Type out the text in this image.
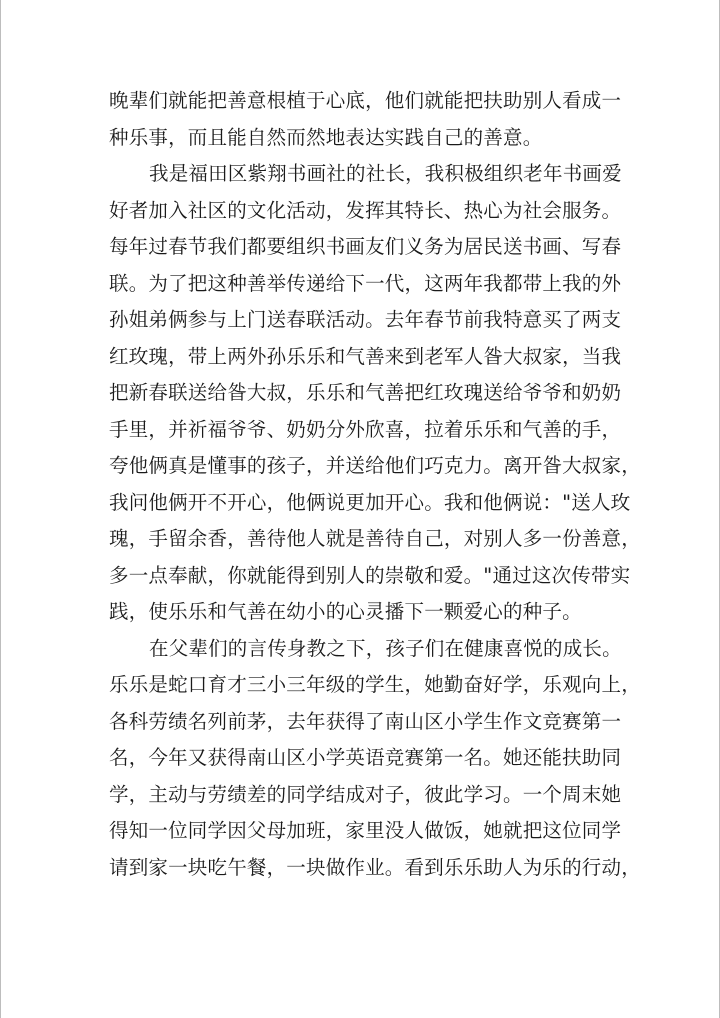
晚辈们就能把善意根植于心底，他们就能把扶助别人看成一
种乐事，而且能自然而然地表达实践自己的善意。
我是福田区紫翔书画社的社长，我积极组织老年书画爱
好者加入社区的文化活动，发挥其特长、热心为社会服务。
每年过春节我们都要组织书画友们义务为居民送书画、写春
联。为了把这种善举传递给下一代，这两年我都带上我的外
孙姐弟俩参与上门送春联活动。去年春节前我特意买了两支
红玫瑰，带上两外孙乐乐和气善来到老军人昝大叔家，当我
把新春联送给昝大叔，乐乐和气善把红玫瑰送给爷爷和奶奶
手里，并祈福爷爷、奶奶分外欣喜，拉着乐乐和气善的手，
夸他俩真是懂事的孩子，并送给他们巧克力。离开昝大叔家，
我问他俩开不开心，他俩说更加开心。我和他俩说："送人玫
瑰，手留余香，善待他人就是善待自己，对别人多一份善意，
多一点奉献，你就能得到别人的崇敬和爱。"通过这次传带实
践，使乐乐和气善在幼小的心灵播下一颗爱心的种子。
在父辈们的言传身教之下，孩子们在健康喜悦的成长。
乐乐是蛇口育才三小三年级的学生，她勤奋好学，乐观向上，
各科劳绩名列前茅，去年获得了南山区小学生作文竞赛第一
名，今年又获得南山区小学英语竞赛第一名。她还能扶助同
学，主动与劳绩差的同学结成对子，彼此学习。一个周末她
得知一位同学因父母加班，家里没人做饭，她就把这位同学
请到家一块吃午餐，一块做作业。看到乐乐助人为乐的行动，
